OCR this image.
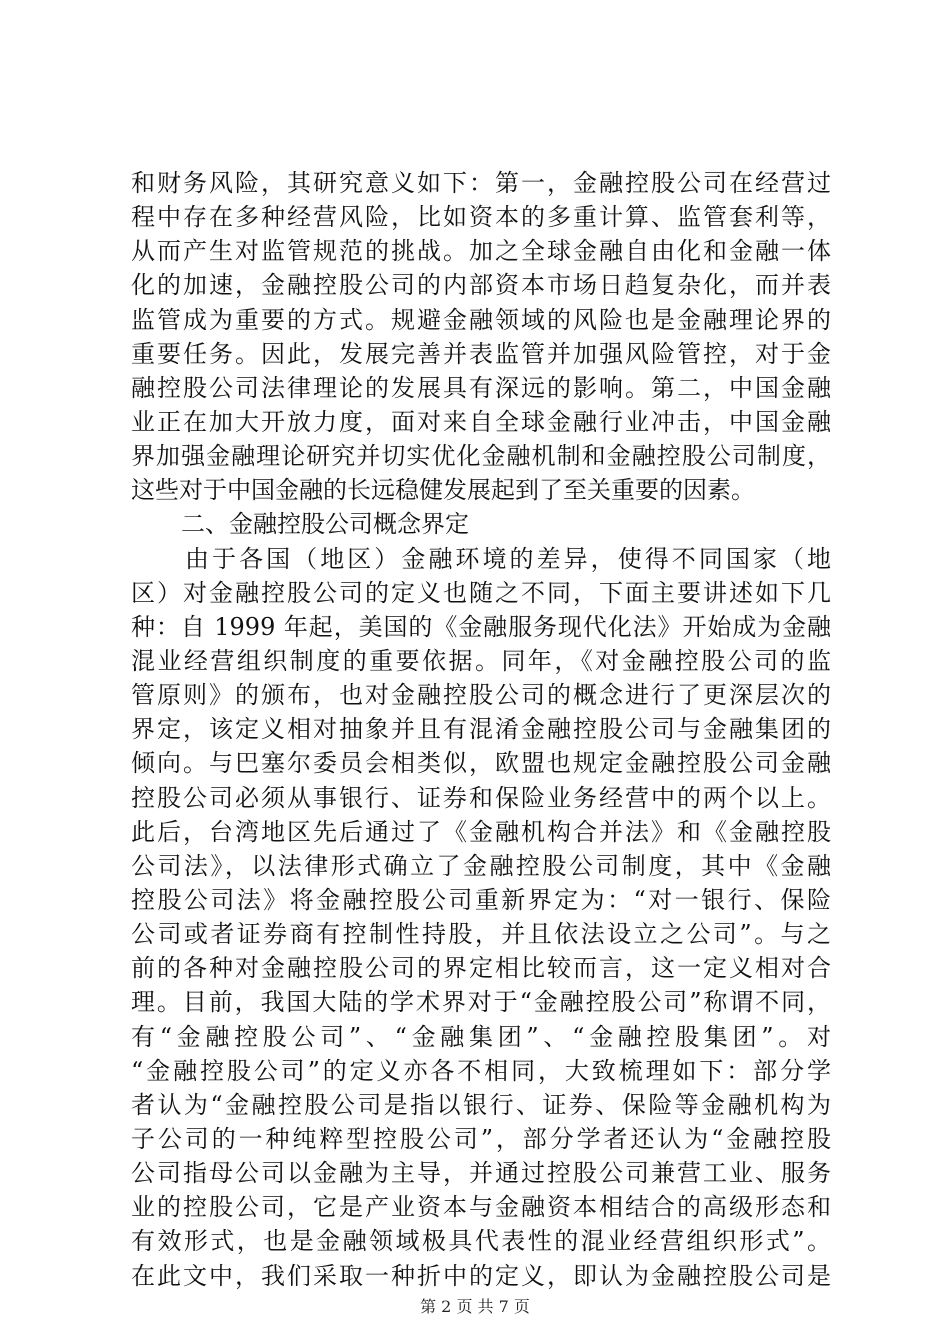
和财务风险，其研究意义如下：第一，金融控股公司在经营过
程中存在多种经营风险，比如资本的多重计算、监管套利等，
从而产生对监管规范的挑战。加之全球金融自由化和金融一体
化的加速，金融控股公司的内部资本市场日趋复杂化，而并表
监管成为重要的方式。规避金融领域的风险也是金融理论界的
重要任务。因此，发展完善并表监管并加强风险管控，对于金
融控股公司法律理论的发展具有深远的影响。第二，中国金融
业正在加大开放力度，面对来自全球金融行业冲击，中国金融
界加强金融理论研究并切实优化金融机制和金融控股公司制度，
这些对于中国金融的长远稳健发展起到了至关重要的因素。
二、金融控股公司概念界定
由于各国（地区）金融环境的差异，使得不同国家（地
区）对金融控股公司的定义也随之不同，下面主要讲述如下几
种：自 1999 年起，美国的《金融服务现代化法》开始成为金融
混业经营组织制度的重要依据。同年，《对金融控股公司的监
管原则》的颁布，也对金融控股公司的概念进行了更深层次的
界定，该定义相对抽象并且有混淆金融控股公司与金融集团的
倾向。与巴塞尔委员会相类似，欧盟也规定金融控股公司金融
控股公司必须从事银行、证券和保险业务经营中的两个以上。
此后，台湾地区先后通过了《金融机构合并法》和《金融控股
公司法》，以法律形式确立了金融控股公司制度，其中《金融
控股公司法》将金融控股公司重新界定为：“对一银行、保险
公司或者证券商有控制性持股，并且依法设立之公司”。与之
前的各种对金融控股公司的界定相比较而言，这一定义相对合
理。目前，我国大陆的学术界对于“金融控股公司”称谓不同，
有“金融控股公司”、“金融集团”、“金融控股集团”。对
“金融控股公司”的定义亦各不相同，大致梳理如下：部分学
者认为“金融控股公司是指以银行、证券、保险等金融机构为
子公司的一种纯粹型控股公司”，部分学者还认为“金融控股
公司指母公司以金融为主导，并通过控股公司兼营工业、服务
业的控股公司，它是产业资本与金融资本相结合的高级形态和
有效形式，也是金融领域极具代表性的混业经营组织形式”。
在此文中，我们采取一种折中的定义，即认为金融控股公司是
第 2 页 共 7 页
